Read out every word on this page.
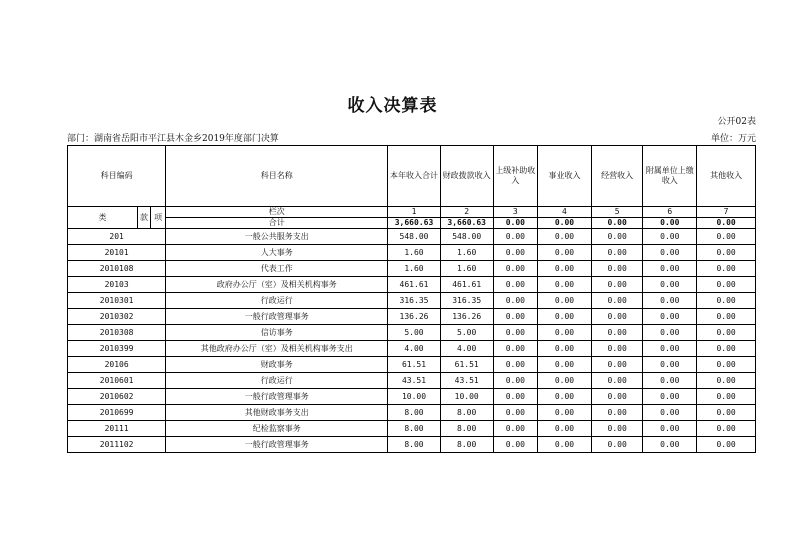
收入决算表
公开02表
部门：湖南省岳阳市平江县木金乡2019年度部门决算	单位：万元
科目编码			科目名称	本年收入合计	财政拨款收入	上级补助收入	事业收入	经营收入	附属单位上缴收入	其他收入
类	款	项	栏次	1	2	3	4	5	6	7
			合计	3,660.63	3,660.63	0.00	0.00	0.00	0.00	0.00
201			一般公共服务支出	548.00	548.00	0.00	0.00	0.00	0.00	0.00
20101			人大事务	1.60	1.60	0.00	0.00	0.00	0.00	0.00
2010108			代表工作	1.60	1.60	0.00	0.00	0.00	0.00	0.00
20103			政府办公厅（室）及相关机构事务	461.61	461.61	0.00	0.00	0.00	0.00	0.00
2010301			行政运行	316.35	316.35	0.00	0.00	0.00	0.00	0.00
2010302			一般行政管理事务	136.26	136.26	0.00	0.00	0.00	0.00	0.00
2010308			信访事务	5.00	5.00	0.00	0.00	0.00	0.00	0.00
2010399			其他政府办公厅（室）及相关机构事务支出	4.00	4.00	0.00	0.00	0.00	0.00	0.00
20106			财政事务	61.51	61.51	0.00	0.00	0.00	0.00	0.00
2010601			行政运行	43.51	43.51	0.00	0.00	0.00	0.00	0.00
2010602			一般行政管理事务	10.00	10.00	0.00	0.00	0.00	0.00	0.00
2010699			其他财政事务支出	8.00	8.00	0.00	0.00	0.00	0.00	0.00
20111			纪检监察事务	8.00	8.00	0.00	0.00	0.00	0.00	0.00
2011102			一般行政管理事务	8.00	8.00	0.00	0.00	0.00	0.00	0.00
